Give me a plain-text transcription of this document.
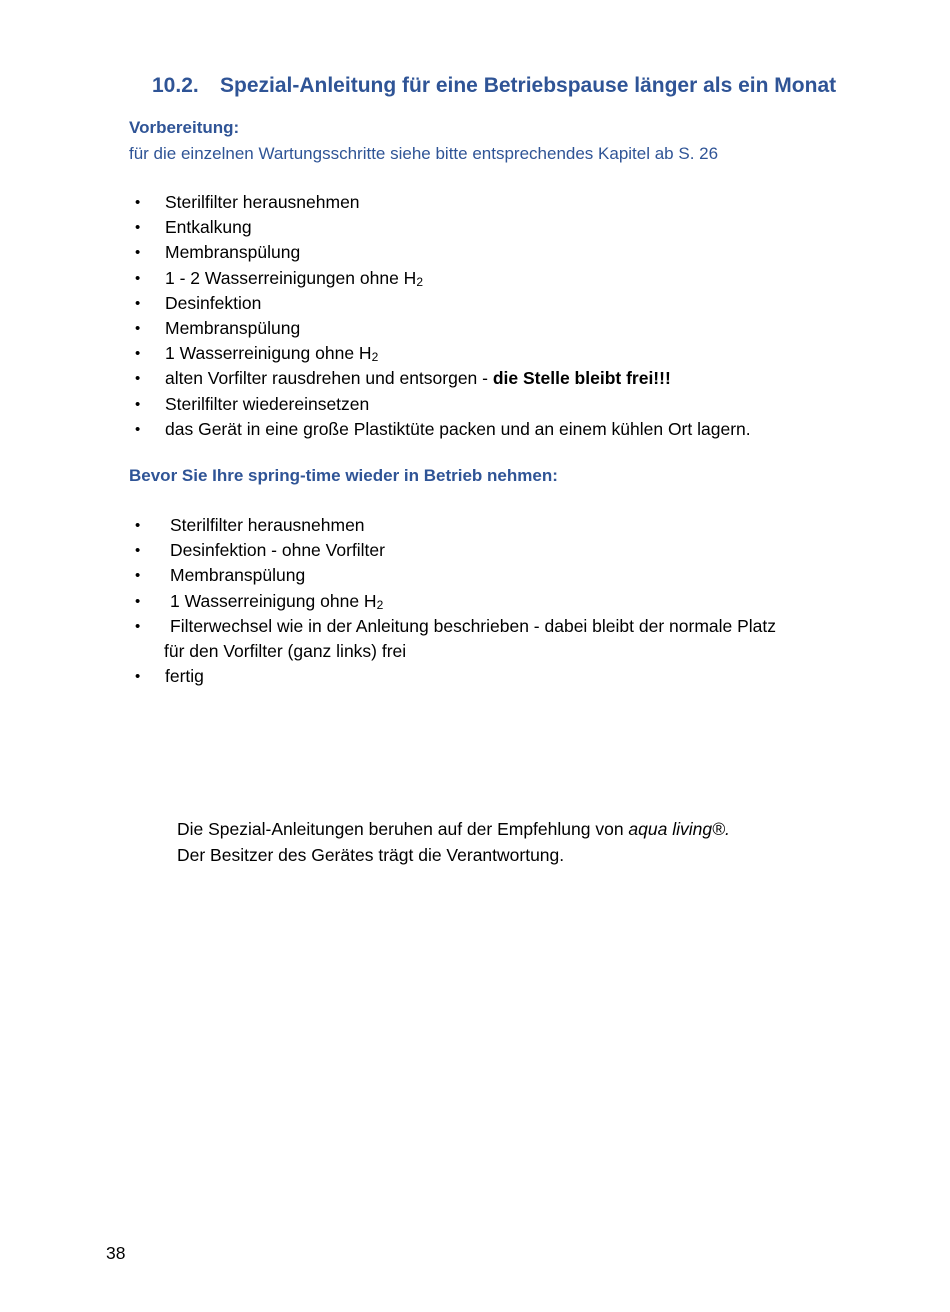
10.2. Spezial-Anleitung für eine Betriebspause länger als ein Monat
Vorbereitung:
für die einzelnen Wartungsschritte siehe bitte entsprechendes Kapitel ab S. 26
• Sterilfilter herausnehmen
• Entkalkung
• Membranspülung
• 1 - 2 Wasserreinigungen ohne H2
• Desinfektion
• Membranspülung
• 1 Wasserreinigung ohne H2
• alten Vorfilter rausdrehen und entsorgen - die Stelle bleibt frei!!!
• Sterilfilter wiedereinsetzen
• das Gerät in eine große Plastiktüte packen und an einem kühlen Ort lagern.
Bevor Sie Ihre spring-time wieder in Betrieb nehmen:
• Sterilfilter herausnehmen
• Desinfektion - ohne Vorfilter
• Membranspülung
• 1 Wasserreinigung ohne H2
• Filterwechsel wie in der Anleitung beschrieben - dabei bleibt der normale Platz
für den Vorfilter (ganz links) frei
• fertig
Die Spezial-Anleitungen beruhen auf der Empfehlung von aqua living®.
Der Besitzer des Gerätes trägt die Verantwortung.
38
